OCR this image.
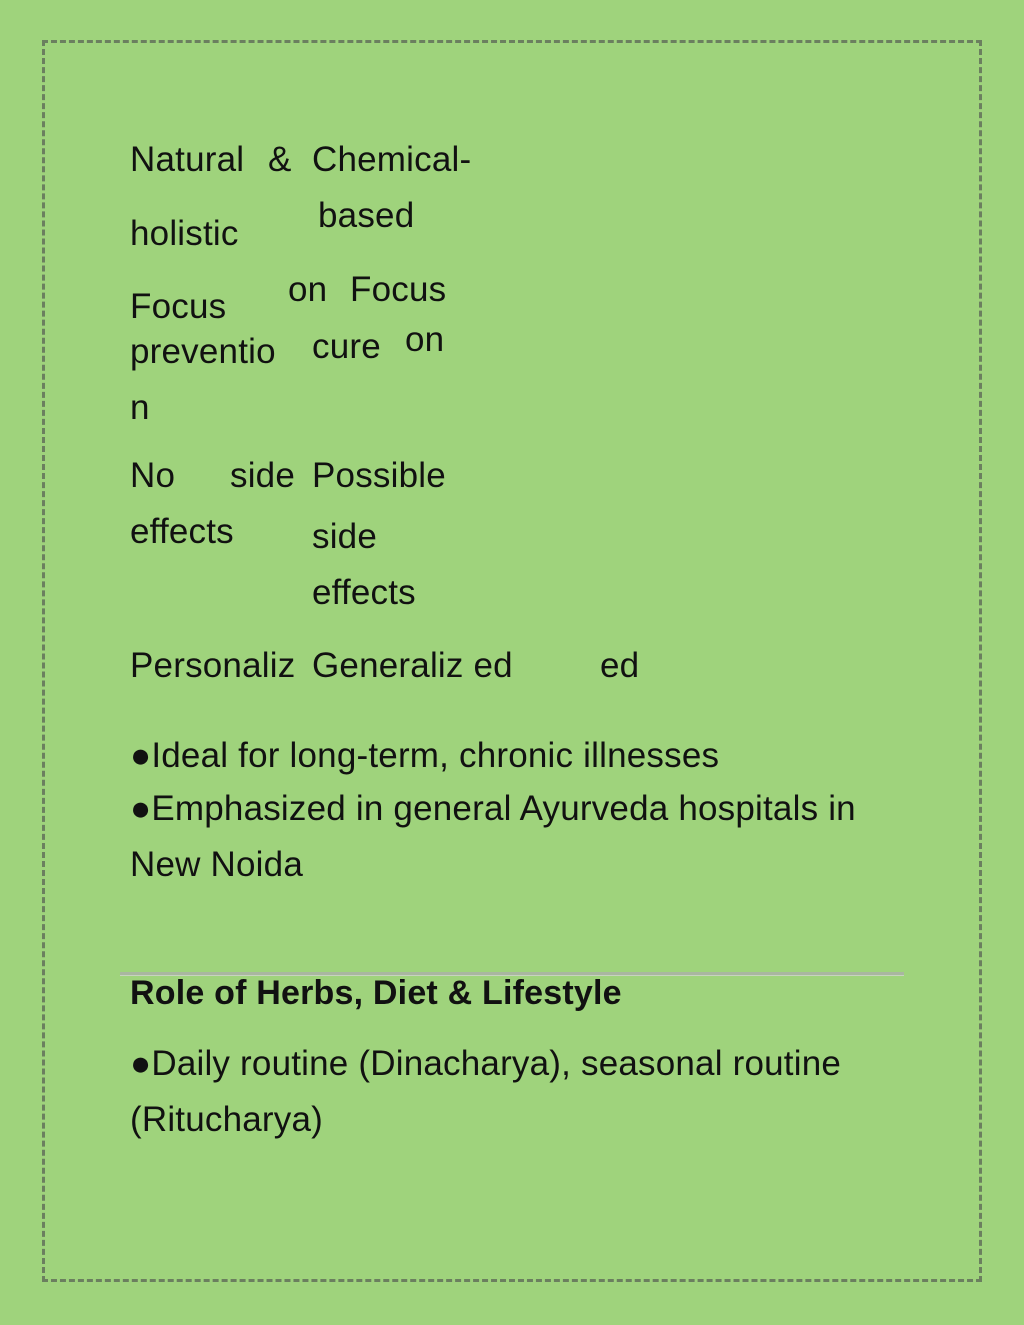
Natural &
holistic
Chemical-
based
Focus
preventio
n
on Focus
cure on
No side
effects
Possible
side
effects
Personaliz Generaliz ed ed
●Ideal for long-term, chronic illnesses
●Emphasized in general Ayurveda hospitals in
New Noida
Role of Herbs, Diet & Lifestyle
●Daily routine (Dinacharya), seasonal routine
(Ritucharya)
